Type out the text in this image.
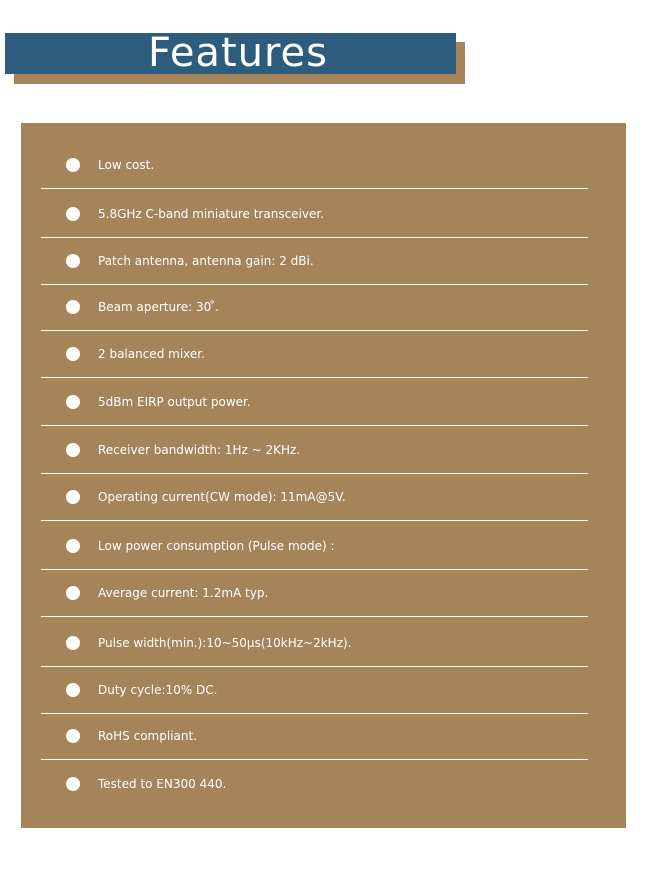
Features
Low cost.
5.8GHz C-band miniature transceiver.
Patch antenna, antenna gain: 2 dBi.
Beam aperture: 30 ̊.
2 balanced mixer.
5dBm EIRP output power.
Receiver bandwidth: 1Hz ~ 2KHz.
Operating current(CW mode): 11mA@5V.
Low power consumption (Pulse mode) :
Average current: 1.2mA typ.
Pulse width(min.):10~50μs(10kHz~2kHz).
Duty cycle:10% DC.
RoHS compliant.
Tested to EN300 440.
